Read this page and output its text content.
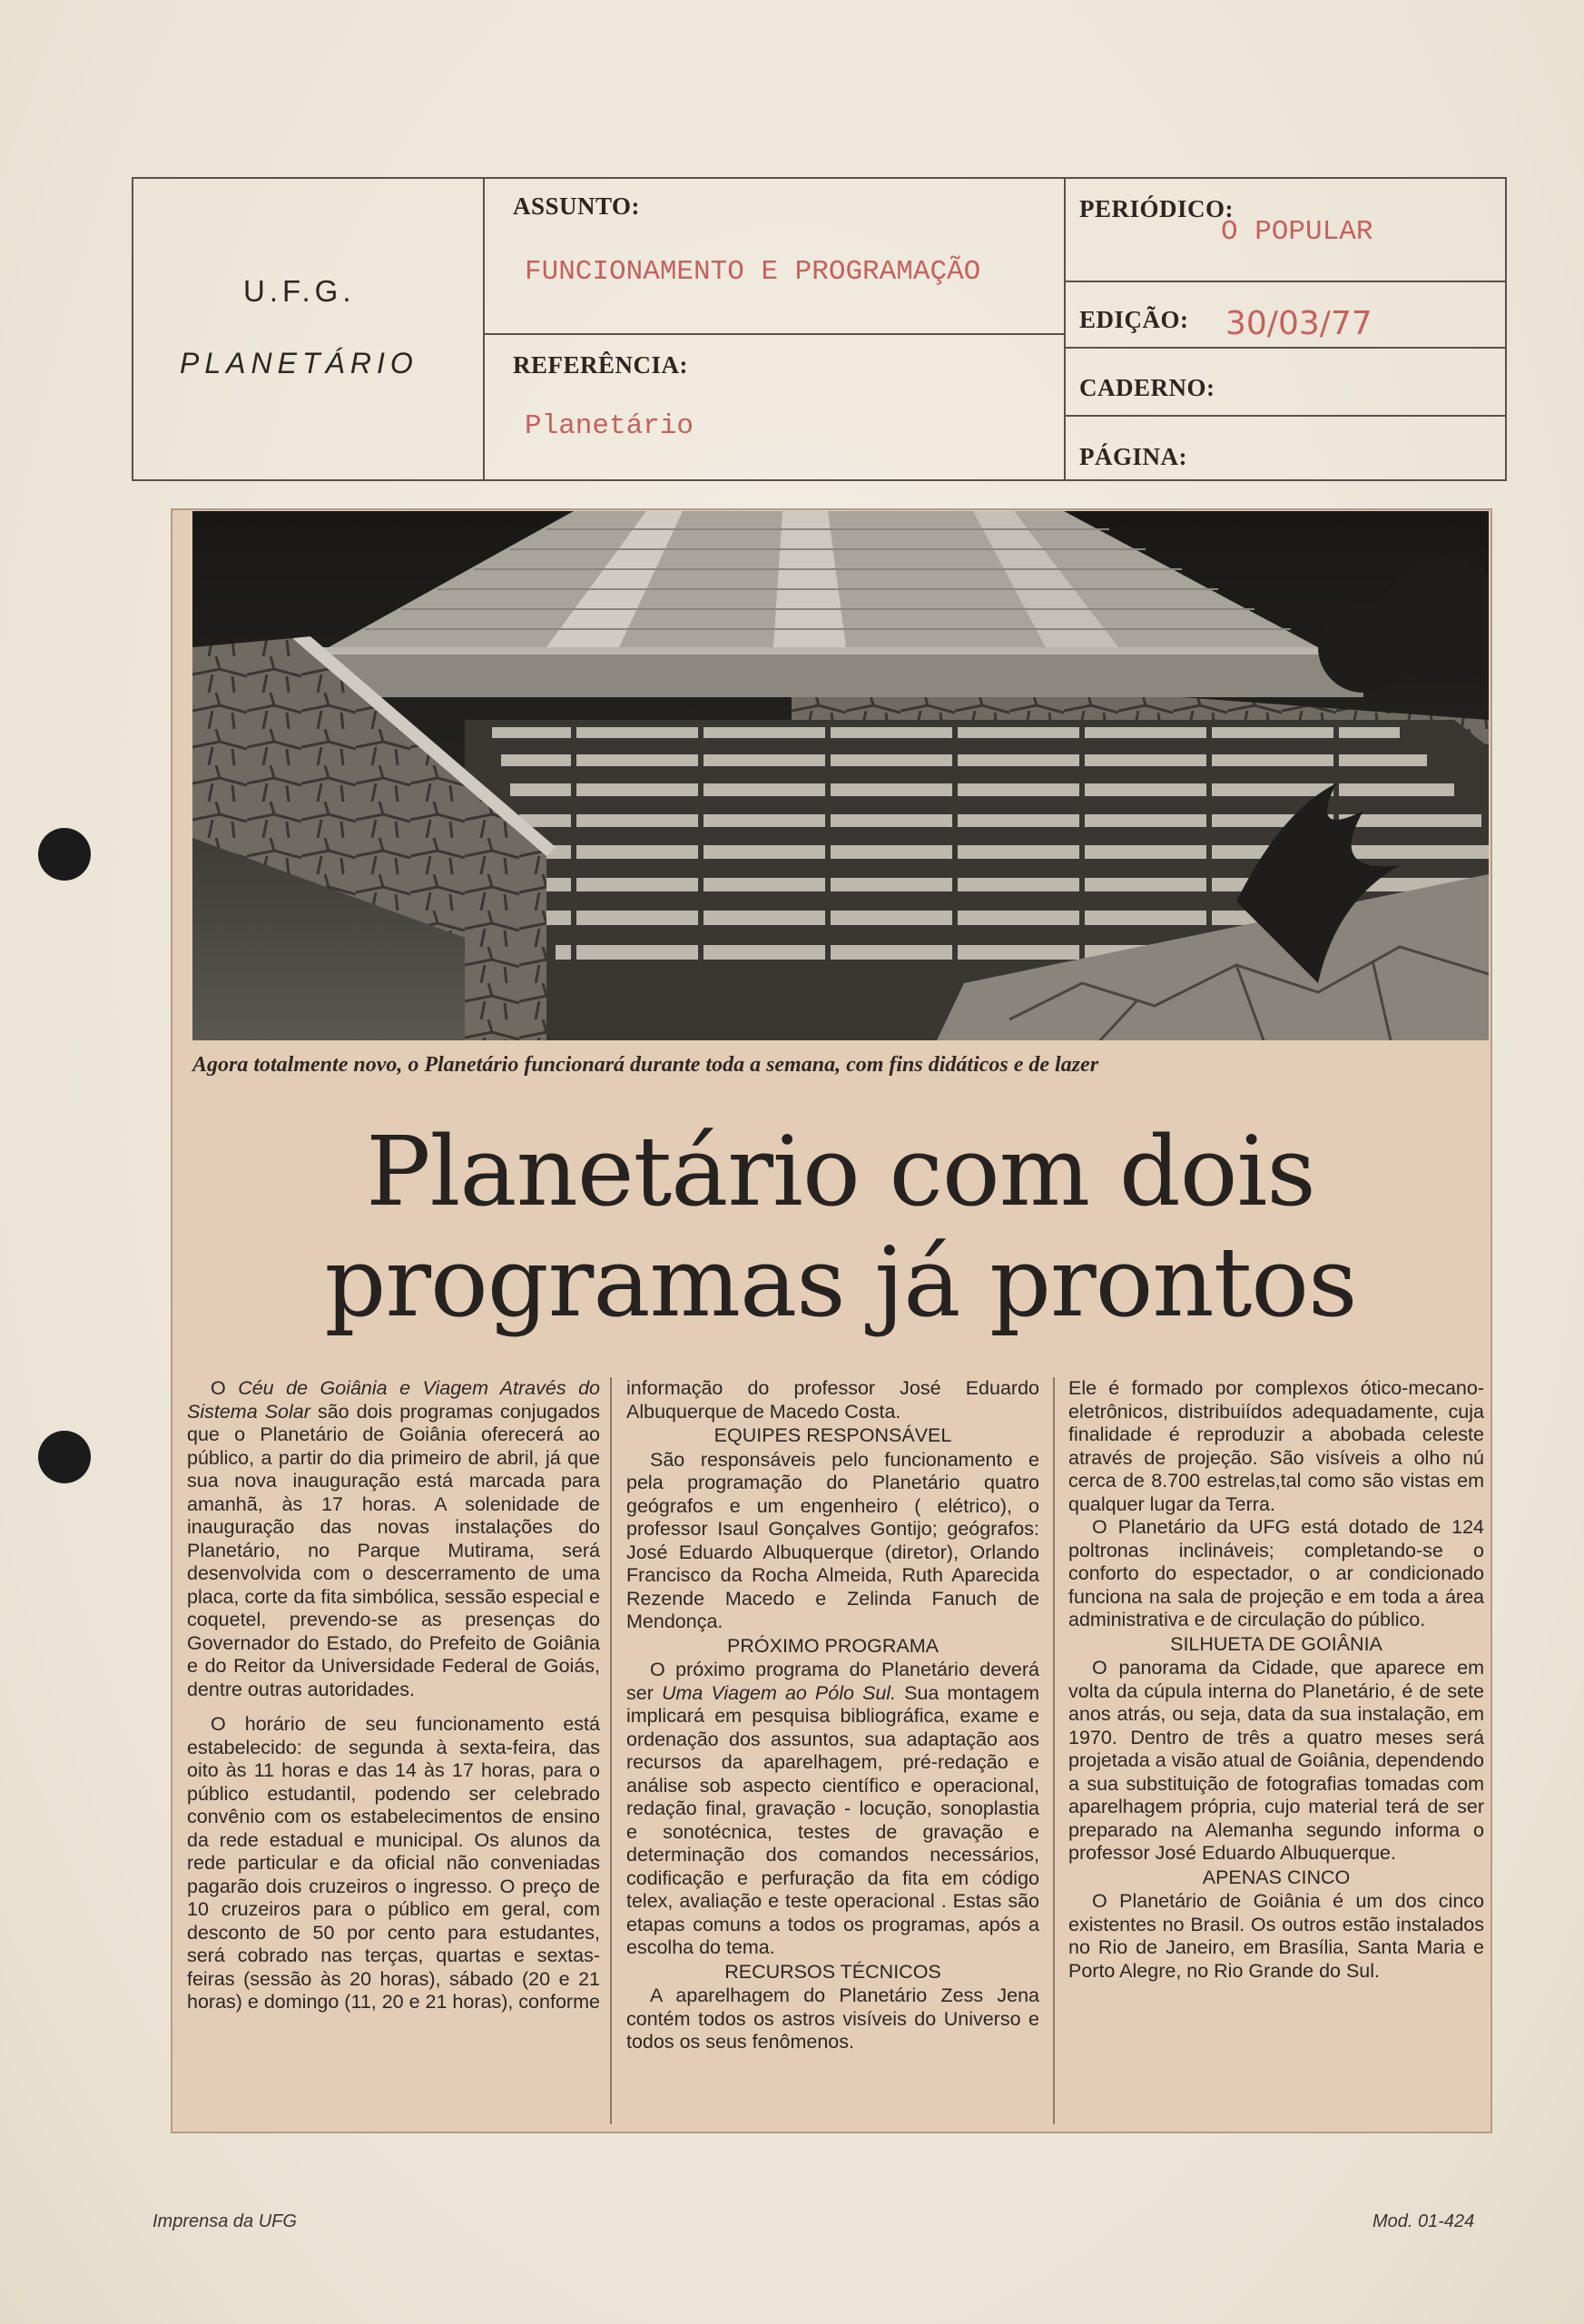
U.F.G.
PLANETÁRIO
ASSUNTO:
FUNCIONAMENTO E PROGRAMAÇÃO
REFERÊNCIA:
Planetário
PERIÓDICO:
O POPULAR
EDIÇÃO: 30/03/77
CADERNO:
PÁGINA:
Agora totalmente novo, o Planetário funcionará durante toda a semana, com fins didáticos e de lazer
Planetário com dois
programas já prontos

O Céu de Goiânia e Viagem Através do Sistema Solar são dois programas conjugados que o Planetário de Goiânia oferecerá ao público, a partir do dia primeiro de abril, já que sua nova inauguração está marcada para amanhã, às 17 horas. A solenidade de inauguração das novas instalações do Planetário, no Parque Mutirama, será desenvolvida com o descerramento de uma placa, corte da fita simbólica, sessão especial e coquetel, prevendo-se as presenças do Governador do Estado, do Prefeito de Goiânia e do Reitor da Universidade Federal de Goiás, dentre outras autoridades.

O horário de seu funcionamento está estabelecido: de segunda à sexta-feira, das oito às 11 horas e das 14 às 17 horas, para o público estudantil, podendo ser celebrado convênio com os estabelecimentos de ensino da rede estadual e municipal. Os alunos da rede particular e da oficial não conveniadas pagarão dois cruzeiros o ingresso. O preço de 10 cruzeiros para o público em geral, com desconto de 50 por cento para estudantes, será cobrado nas terças, quartas e sextas-feiras (sessão às 20 horas), sábado (20 e 21 horas) e domingo (11, 20 e 21 horas), conforme

informação do professor José Eduardo Albuquerque de Macedo Costa.

EQUIPES RESPONSÁVEL

São responsáveis pelo funcionamento e pela programação do Planetário quatro geógrafos e um engenheiro ( elétrico), o professor Isaul Gonçalves Gontijo; geógrafos: José Eduardo Albuquerque (diretor), Orlando Francisco da Rocha Almeida, Ruth Aparecida Rezende Macedo e Zelinda Fanuch de Mendonça.

PRÓXIMO PROGRAMA

O próximo programa do Planetário deverá ser Uma Viagem ao Pólo Sul. Sua montagem implicará em pesquisa bibliográfica, exame e ordenação dos assuntos, sua adaptação aos recursos da aparelhagem, pré-redação e análise sob aspecto científico e operacional, redação final, gravação - locução, sonoplastia e sonotécnica, testes de gravação e determinação dos comandos necessários, codificação e perfuração da fita em código telex, avaliação e teste operacional . Estas são etapas comuns a todos os programas, após a escolha do tema.

RECURSOS TÉCNICOS

A aparelhagem do Planetário Zess Jena contém todos os astros visíveis do Universo e todos os seus fenômenos.

Ele é formado por complexos ótico-mecano-eletrônicos, distribuiídos adequadamente, cuja finalidade é reproduzir a abobada celeste através de projeção. São visíveis a olho nú cerca de 8.700 estrelas,tal como são vistas em qualquer lugar da Terra.

O Planetário da UFG está dotado de 124 poltronas inclináveis; completando-se o conforto do espectador, o ar condicionado funciona na sala de projeção e em toda a área administrativa e de circulação do público.

SILHUETA DE GOIÂNIA

O panorama da Cidade, que aparece em volta da cúpula interna do Planetário, é de sete anos atrás, ou seja, data da sua instalação, em 1970. Dentro de três a quatro meses será projetada a visão atual de Goiânia, dependendo a sua substituição de fotografias tomadas com aparelhagem própria, cujo material terá de ser preparado na Alemanha segundo informa o professor José Eduardo Albuquerque.

APENAS CINCO

O Planetário de Goiânia é um dos cinco existentes no Brasil. Os outros estão instalados no Rio de Janeiro, em Brasília, Santa Maria e Porto Alegre, no Rio Grande do Sul.

Imprensa da UFG	Mod. 01-424
